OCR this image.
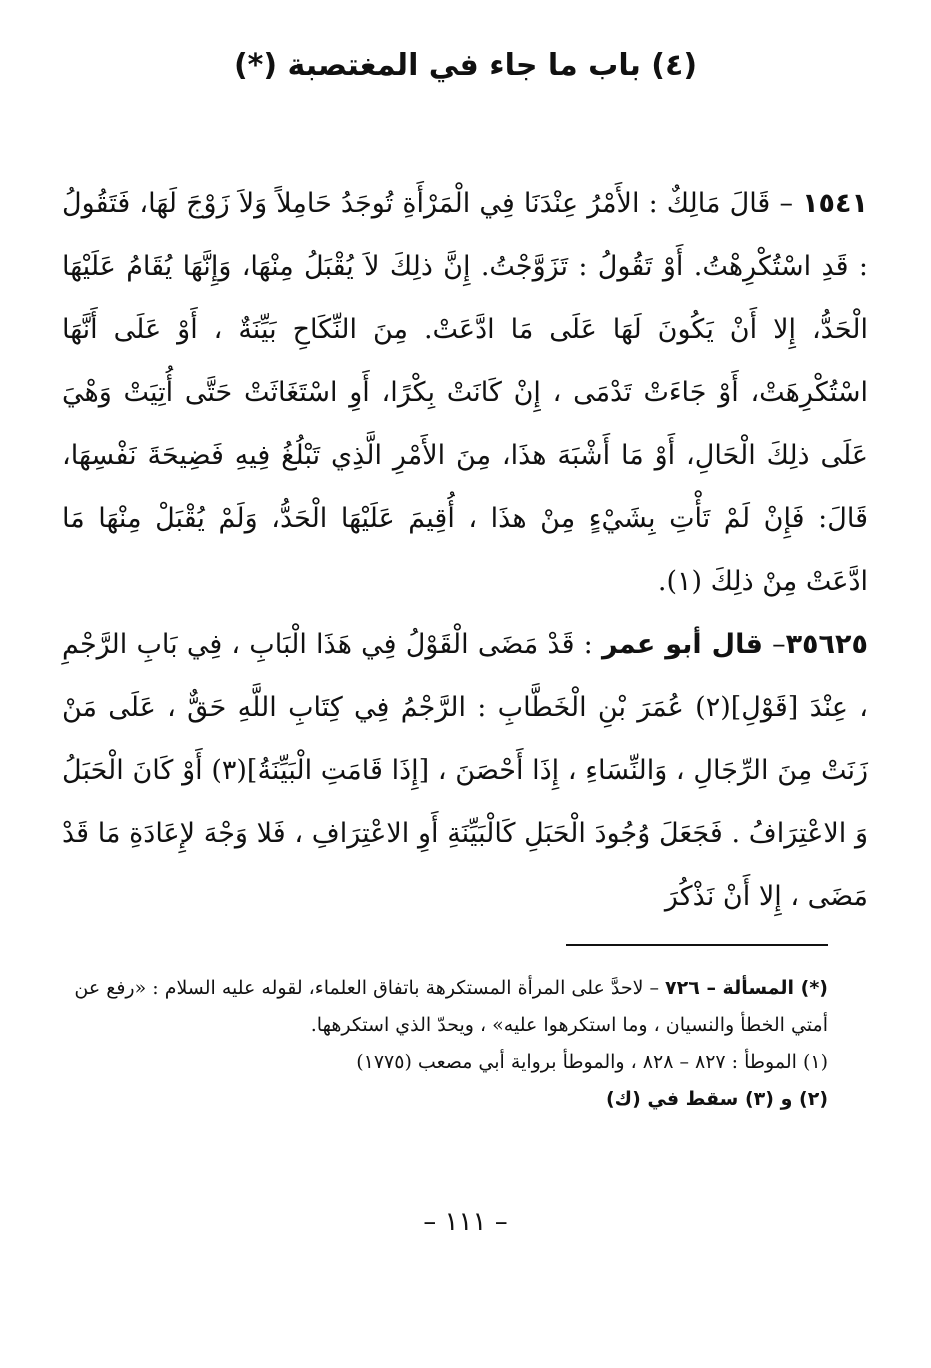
(٤) باب ما جاء في المغتصبة (*)

١٥٤١ – قَالَ مَالِكٌ : الأَمْرُ عِنْدَنَا فِي الْمَرْأَةِ تُوجَدُ حَامِلاً وَلاَ زَوْجَ لَهَا، فَتَقُولُ : قَدِ اسْتُكْرِهْتُ. أَوْ تَقُولُ : تَزَوَّجْتُ. إِنَّ ذلِكَ لاَ يُقْبَلُ مِنْهَا، وَإِنَّهَا يُقَامُ عَلَيْهَا الْحَدُّ، إِلا أَنْ يَكُونَ لَهَا عَلَى مَا ادَّعَتْ. مِنَ النِّكَاحِ بَيِّنَةٌ ، أَوْ عَلَى أَنَّهَا اسْتُكْرِهَتْ، أَوْ جَاءَتْ تَدْمَى ، إِنْ كَانَتْ بِكْرًا، أَوِ اسْتَغَاثَتْ حَتَّى أُتِيَتْ وَهْيَ عَلَى ذلِكَ الْحَالِ، أَوْ مَا أَشْبَهَ هذَا، مِنَ الأَمْرِ الَّذِي تَبْلُغُ فِيهِ فَضِيحَةَ نَفْسِهَا، قَالَ: فَإِنْ لَمْ تَأْتِ بِشَيْءٍ مِنْ هذَا ، أُقِيمَ عَلَيْهَا الْحَدُّ، وَلَمْ يُقْبَلْ مِنْهَا مَا ادَّعَتْ مِنْ ذلِكَ (١).

٣٥٦٢٥– قال أبو عمر : قَدْ مَضَى الْقَوْلُ فِي هَذَا الْبَابِ ، فِي بَابِ الرَّجْمِ ، عِنْدَ [قَوْلِ](٢) عُمَرَ بْنِ الْخَطَّابِ : الرَّجْمُ فِي كِتَابِ اللَّهِ حَقٌّ ، عَلَى مَنْ زَنَتْ مِنَ الرِّجَالِ ، وَالنِّسَاءِ ، إِذَا أَحْصَنَ ، [إِذَا قَامَتِ الْبَيِّنَةُ](٣) أَوْ كَانَ الْحَبَلُ وَ الاعْتِرَافُ . فَجَعَلَ وُجُودَ الْحَبَلِ كَالْبَيِّنَةِ أَوِ الاعْتِرَافِ ، فَلا وَجْهَ لإِعَادَةِ مَا قَدْ مَضَى ، إِلا أَنْ نَذْكُرَ

(*) المسألة – ٧٢٦ – لاحدَّ على المرأة المستكرهة باتفاق العلماء، لقوله عليه السلام : «رفع عن أمتي الخطأ والنسيان ، وما استكرهوا عليه» ، ويحدّ الذي استكرهها.

(١) الموطأ : ٨٢٧ – ٨٢٨ ، والموطأ برواية أبي مصعب (١٧٧٥)

(٢) و (٣) سقط في (ك)

– ١١١ –
